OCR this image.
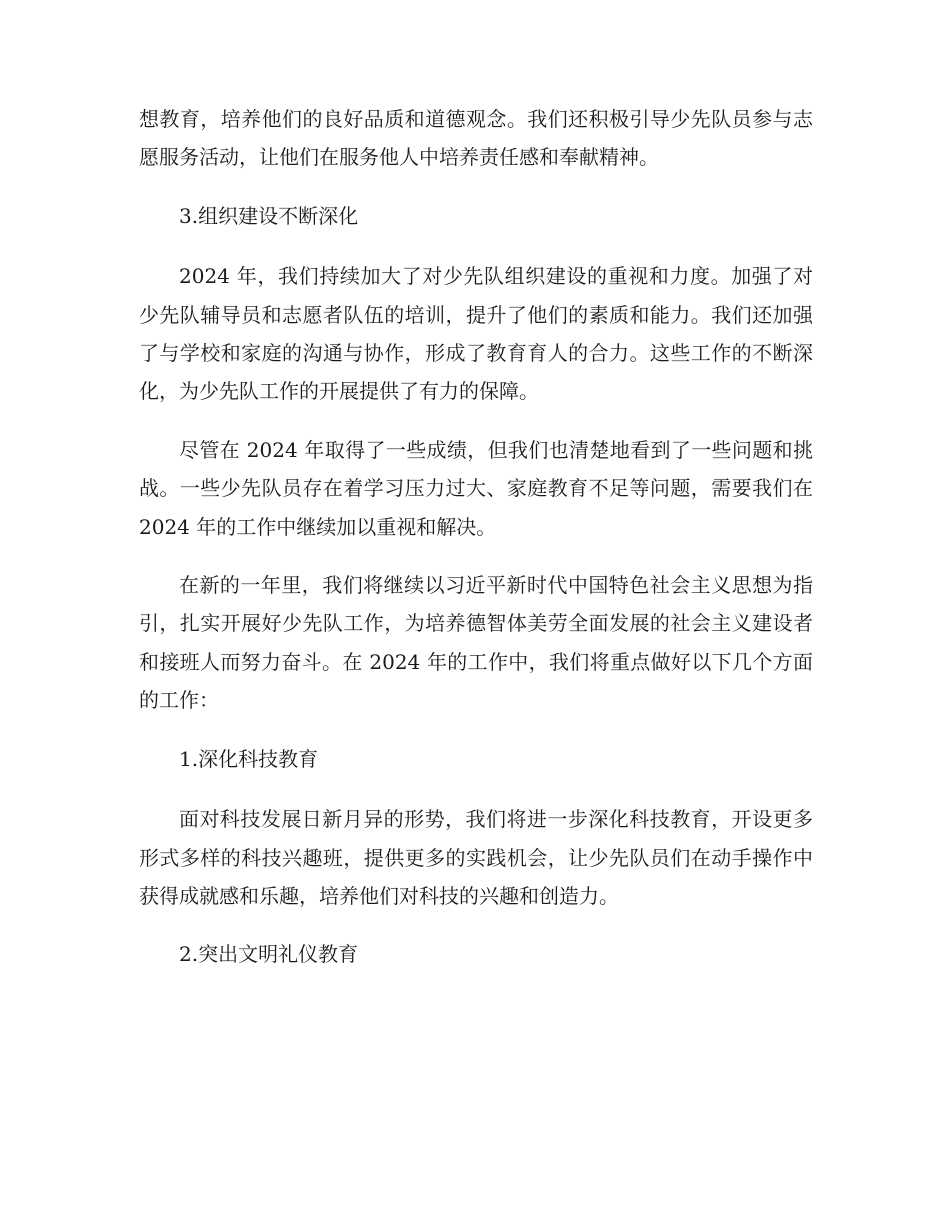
想教育，培养他们的良好品质和道德观念。我们还积极引导少先队员参与志愿服务活动，让他们在服务他人中培养责任感和奉献精神。

3.组织建设不断深化

2024 年，我们持续加大了对少先队组织建设的重视和力度。加强了对少先队辅导员和志愿者队伍的培训，提升了他们的素质和能力。我们还加强了与学校和家庭的沟通与协作，形成了教育育人的合力。这些工作的不断深化，为少先队工作的开展提供了有力的保障。

尽管在 2024 年取得了一些成绩，但我们也清楚地看到了一些问题和挑战。一些少先队员存在着学习压力过大、家庭教育不足等问题，需要我们在 2024 年的工作中继续加以重视和解决。

在新的一年里，我们将继续以习近平新时代中国特色社会主义思想为指引，扎实开展好少先队工作，为培养德智体美劳全面发展的社会主义建设者和接班人而努力奋斗。在 2024 年的工作中，我们将重点做好以下几个方面的工作：

1.深化科技教育

面对科技发展日新月异的形势，我们将进一步深化科技教育，开设更多形式多样的科技兴趣班，提供更多的实践机会，让少先队员们在动手操作中获得成就感和乐趣，培养他们对科技的兴趣和创造力。

2.突出文明礼仪教育
